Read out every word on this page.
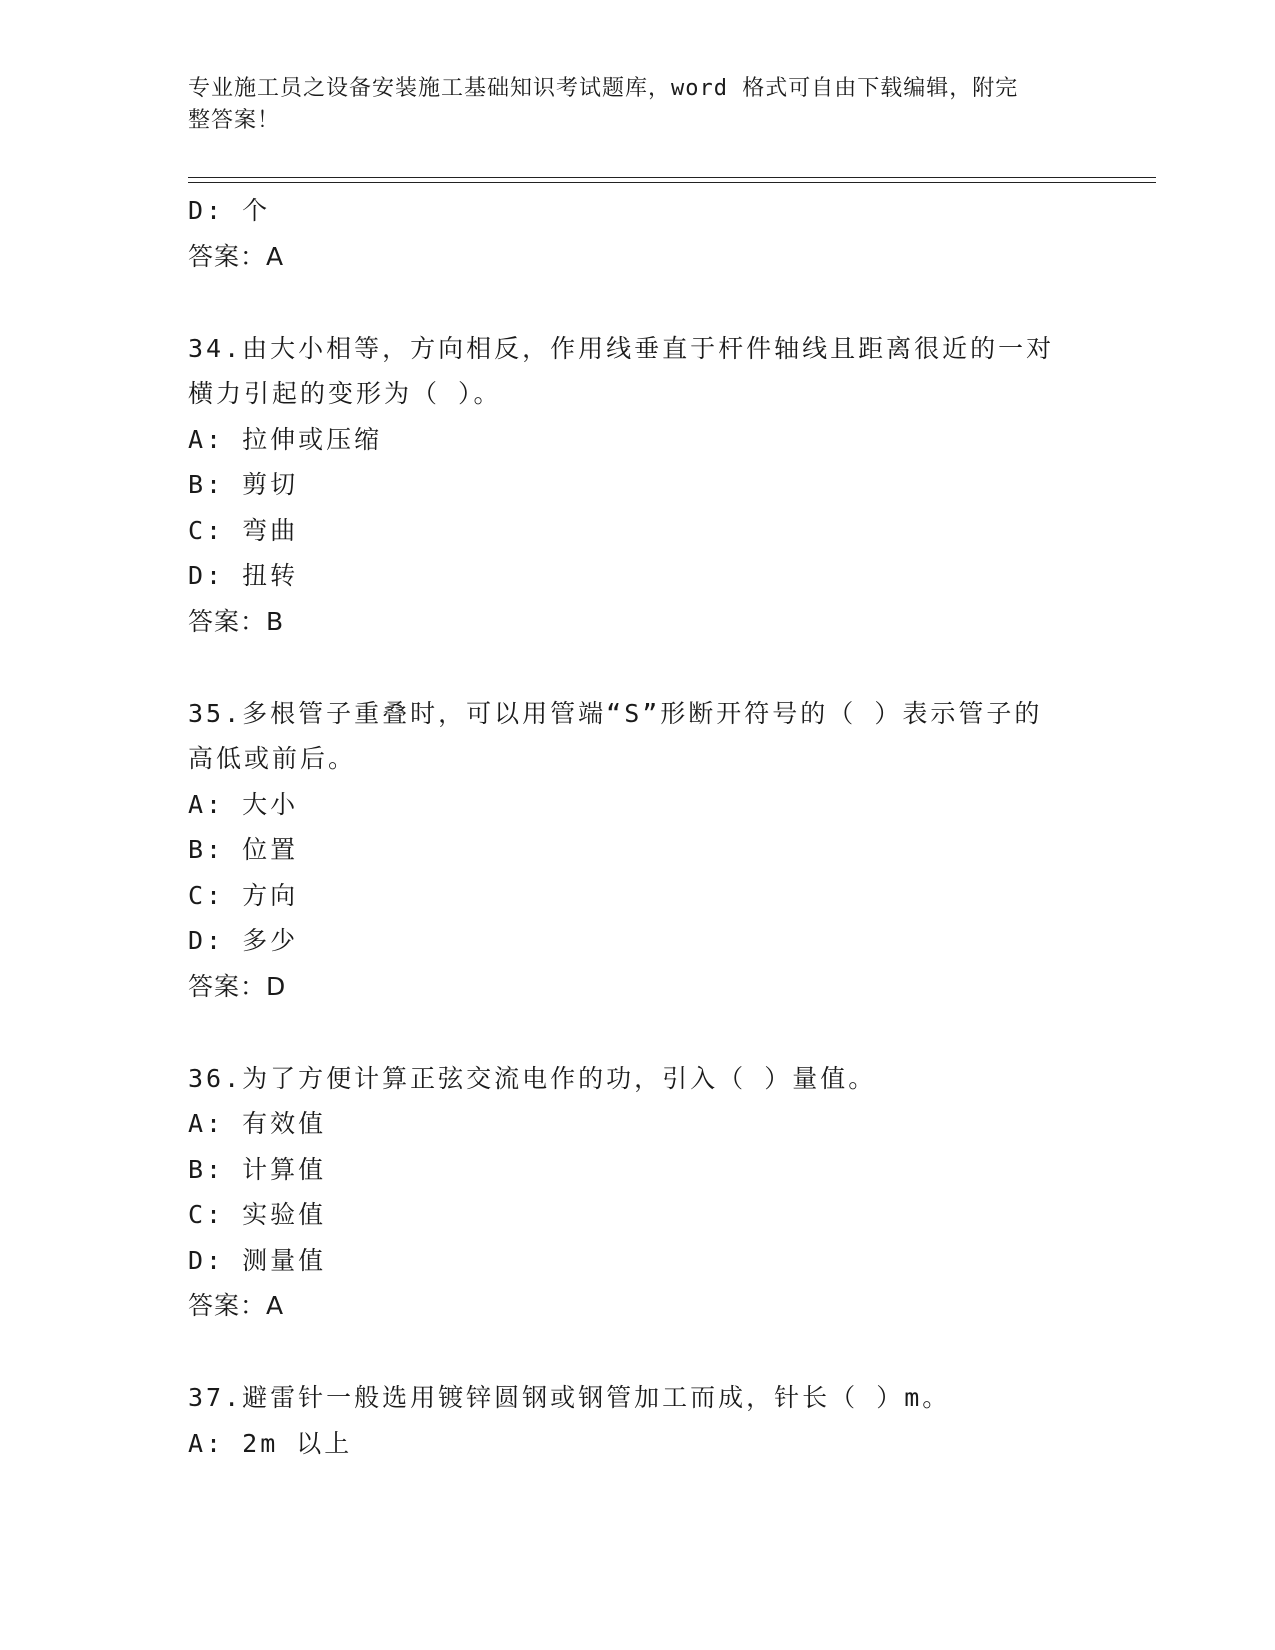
专业施工员之设备安装施工基础知识考试题库，word 格式可自由下载编辑，附完
整答案！
D: 个
答案：A
34.由大小相等，方向相反，作用线垂直于杆件轴线且距离很近的一对
横力引起的变形为（ ）。
A: 拉伸或压缩
B: 剪切
C: 弯曲
D: 扭转
答案：B
35.多根管子重叠时，可以用管端“S”形断开符号的（ ）表示管子的
高低或前后。
A: 大小
B: 位置
C: 方向
D: 多少
答案：D
36.为了方便计算正弦交流电作的功，引入（ ）量值。
A: 有效值
B: 计算值
C: 实验值
D: 测量值
答案：A
37.避雷针一般选用镀锌圆钢或钢管加工而成，针长（ ）m。
A: 2m 以上
